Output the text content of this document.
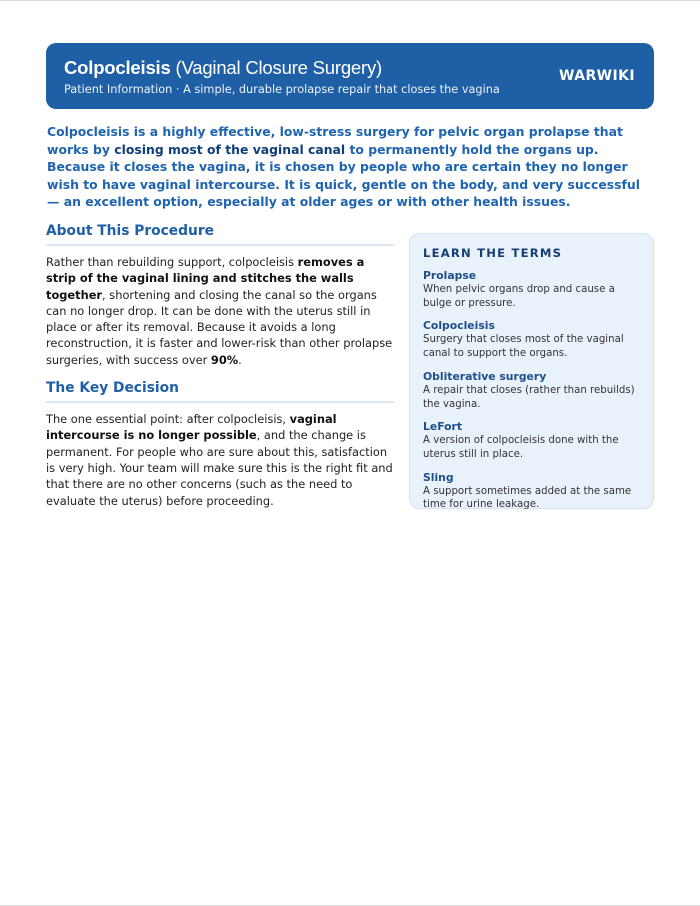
Colpocleisis (Vaginal Closure Surgery)
Patient Information · A simple, durable prolapse repair that closes the vagina
WARWIKI
Colpocleisis is a highly effective, low-stress surgery for pelvic organ prolapse that works by closing most of the vaginal canal to permanently hold the organs up. Because it closes the vagina, it is chosen by people who are certain they no longer wish to have vaginal intercourse. It is quick, gentle on the body, and very successful — an excellent option, especially at older ages or with other health issues.
About This Procedure
Rather than rebuilding support, colpocleisis removes a strip of the vaginal lining and stitches the walls together, shortening and closing the canal so the organs can no longer drop. It can be done with the uterus still in place or after its removal. Because it avoids a long reconstruction, it is faster and lower-risk than other prolapse surgeries, with success over 90%.
The Key Decision
The one essential point: after colpocleisis, vaginal intercourse is no longer possible, and the change is permanent. For people who are sure about this, satisfaction is very high. Your team will make sure this is the right fit and that there are no other concerns (such as the need to evaluate the uterus) before proceeding.
LEARN THE TERMS
Prolapse
When pelvic organs drop and cause a bulge or pressure.
Colpocleisis
Surgery that closes most of the vaginal canal to support the organs.
Obliterative surgery
A repair that closes (rather than rebuilds) the vagina.
LeFort
A version of colpocleisis done with the uterus still in place.
Sling
A support sometimes added at the same time for urine leakage.
